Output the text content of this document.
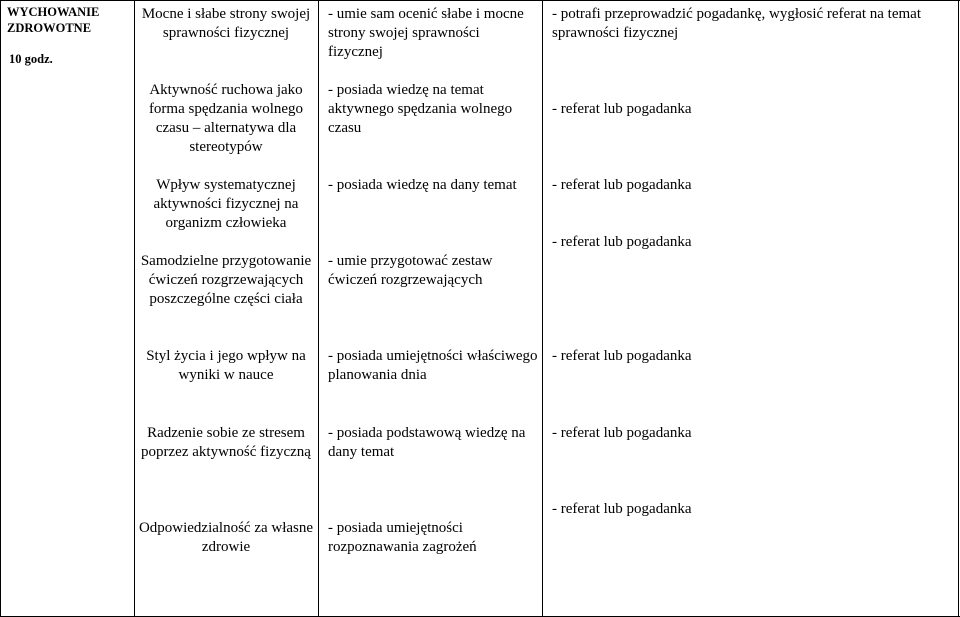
WYCHOWANIE ZDROWOTNE
10 godz.
Mocne i słabe strony swojej sprawności fizycznej
- umie sam ocenić słabe i mocne strony swojej sprawności fizycznej
- potrafi przeprowadzić pogadankę, wygłosić referat na temat sprawności fizycznej
Aktywność ruchowa jako forma spędzania wolnego czasu – alternatywa dla stereotypów
- posiada wiedzę na temat aktywnego spędzania wolnego czasu
- referat lub pogadanka
Wpływ systematycznej aktywności fizycznej na organizm człowieka
- posiada wiedzę na dany temat	- referat lub pogadanka
Samodzielne przygotowanie ćwiczeń rozgrzewających poszczególne części ciała
- umie przygotować zestaw ćwiczeń rozgrzewających
- referat lub pogadanka
Styl życia i jego wpływ na wyniki w nauce
- posiada umiejętności właściwego planowania dnia
- referat lub pogadanka
Radzenie sobie ze stresem poprzez aktywność fizyczną
- posiada podstawową wiedzę na dany temat
- referat lub pogadanka
Odpowiedzialność za własne zdrowie
- posiada umiejętności rozpoznawania zagrożeń
- referat lub pogadanka
